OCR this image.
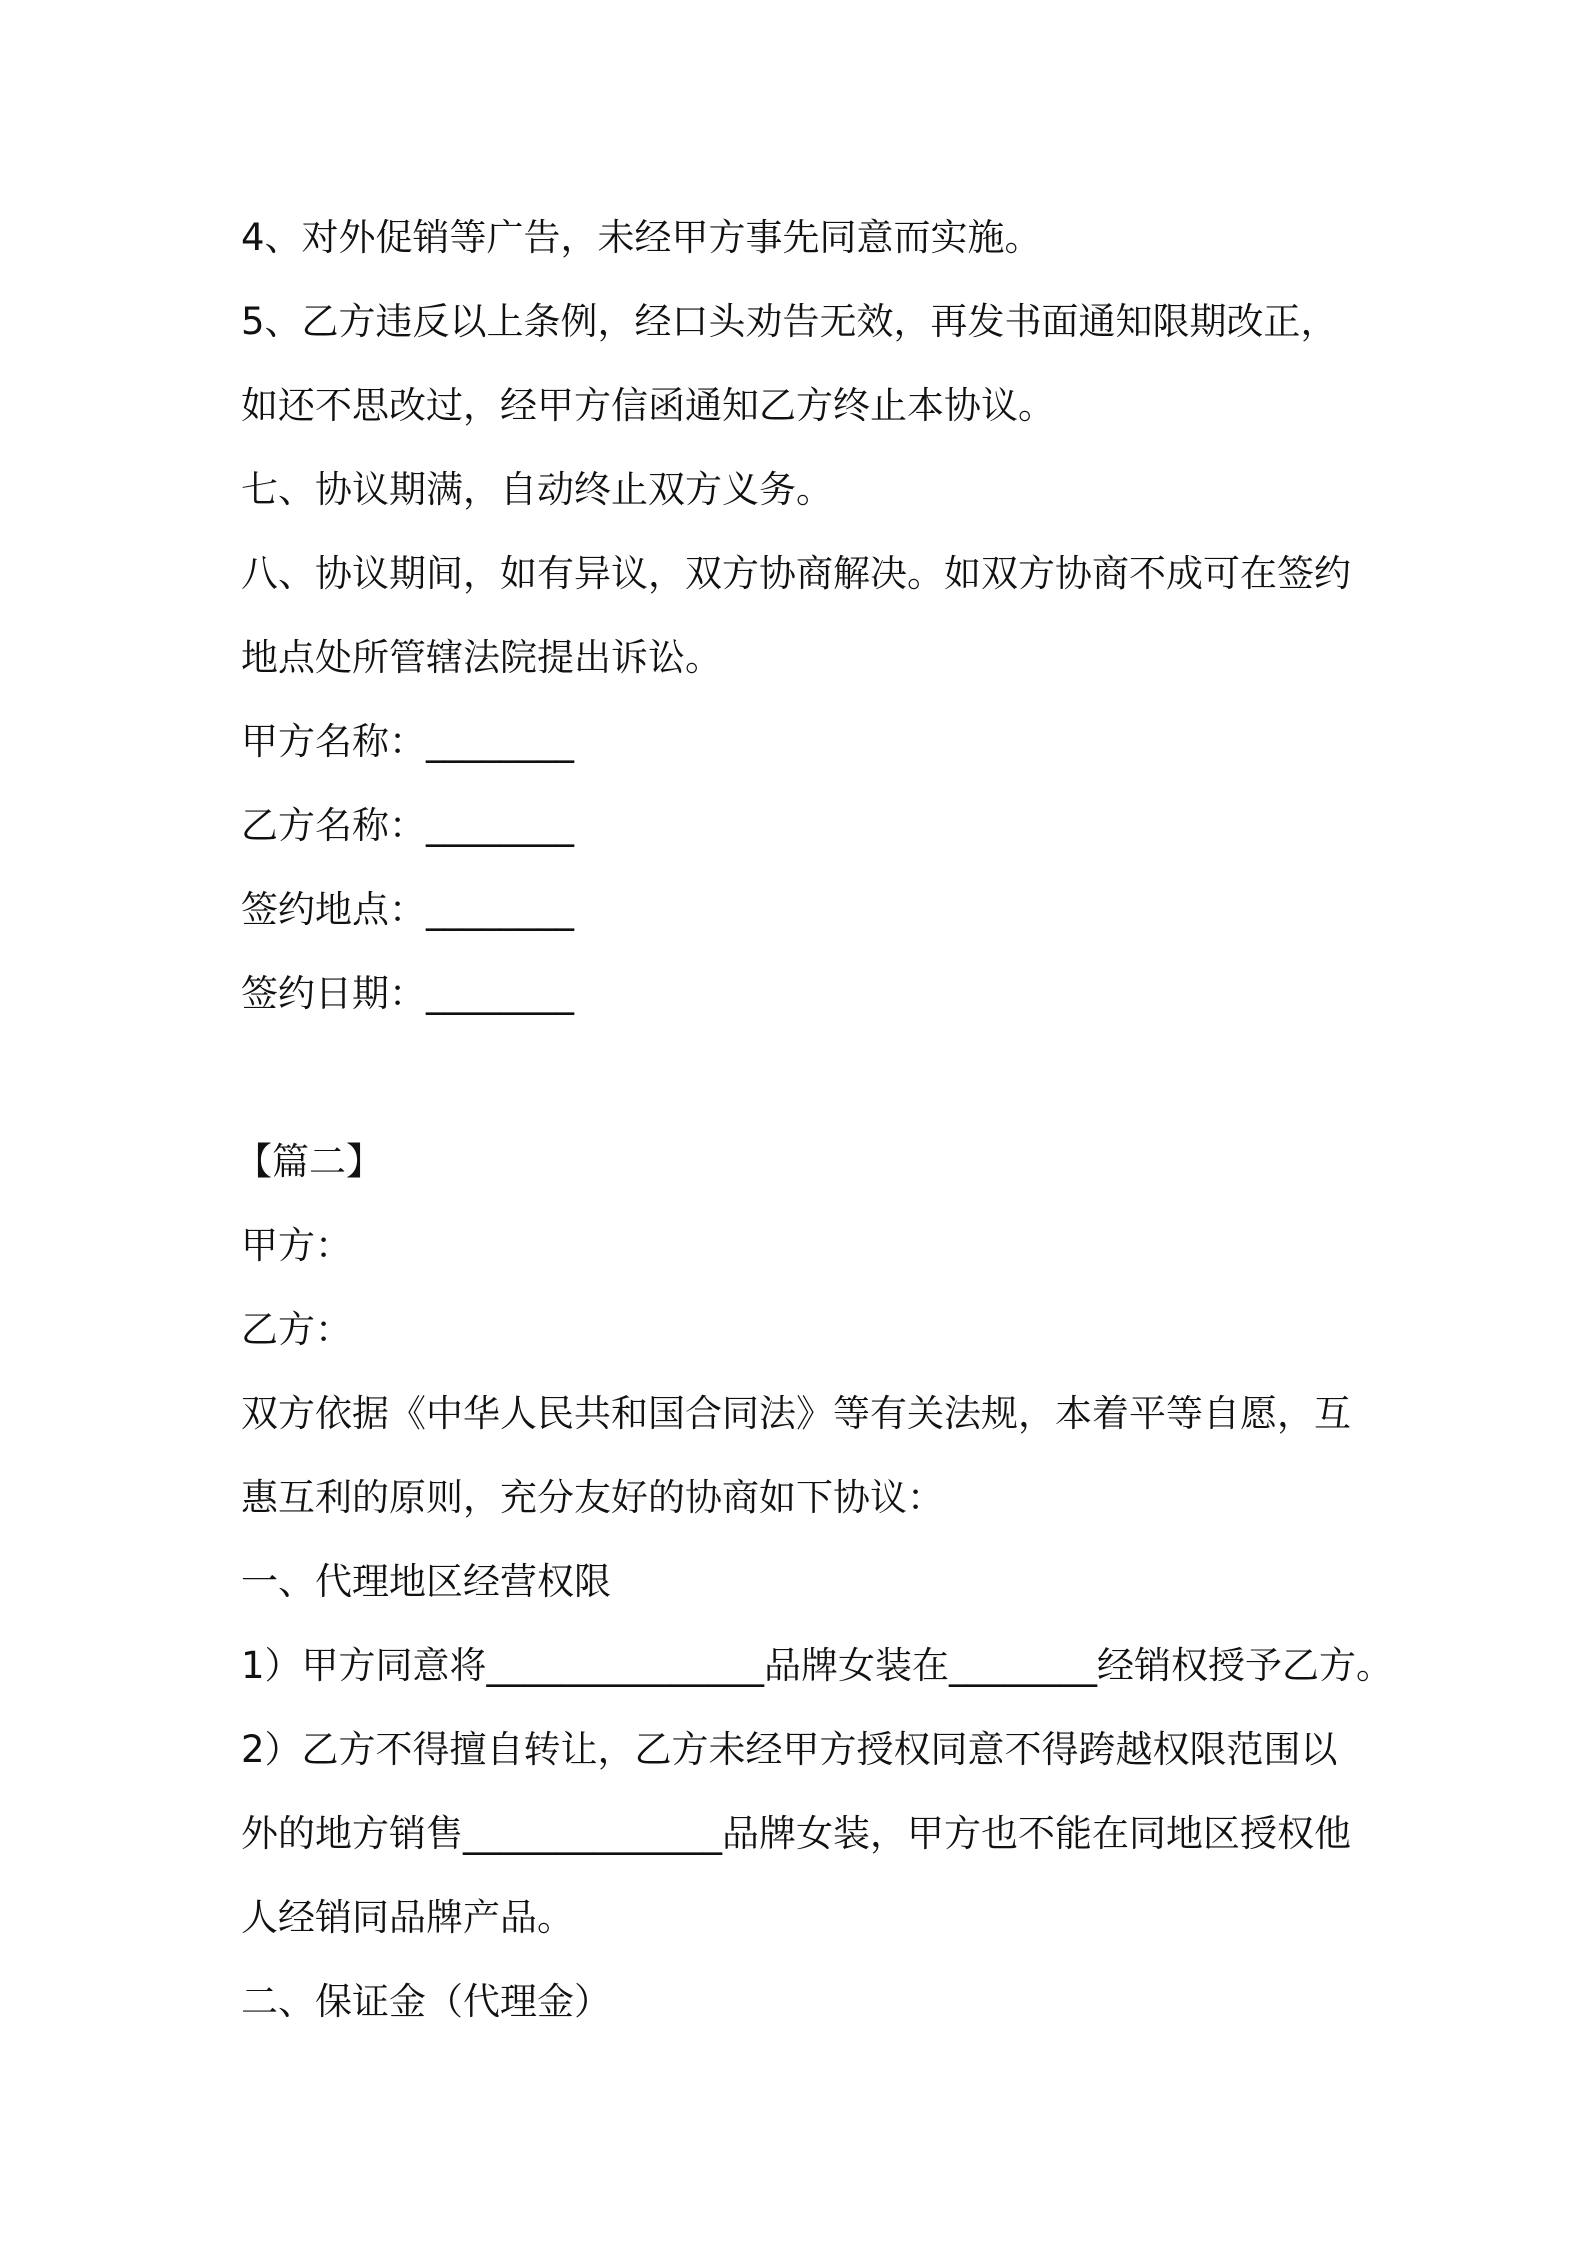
4、对外促销等广告，未经甲方事先同意而实施。
5、乙方违反以上条例，经口头劝告无效，再发书面通知限期改正，
如还不思改过，经甲方信函通知乙方终止本协议。
七、协议期满，自动终止双方义务。
八、协议期间，如有异议，双方协商解决。如双方协商不成可在签约
地点处所管辖法院提出诉讼。
甲方名称：________
乙方名称：________
签约地点：________
签约日期：________
【篇二】
甲方：
乙方：
双方依据《中华人民共和国合同法》等有关法规，本着平等自愿，互
惠互利的原则，充分友好的协商如下协议：
一、代理地区经营权限
1）甲方同意将_______________品牌女装在________经销权授予乙方。
2）乙方不得擅自转让，乙方未经甲方授权同意不得跨越权限范围以
外的地方销售______________品牌女装，甲方也不能在同地区授权他
人经销同品牌产品。
二、保证金（代理金）
